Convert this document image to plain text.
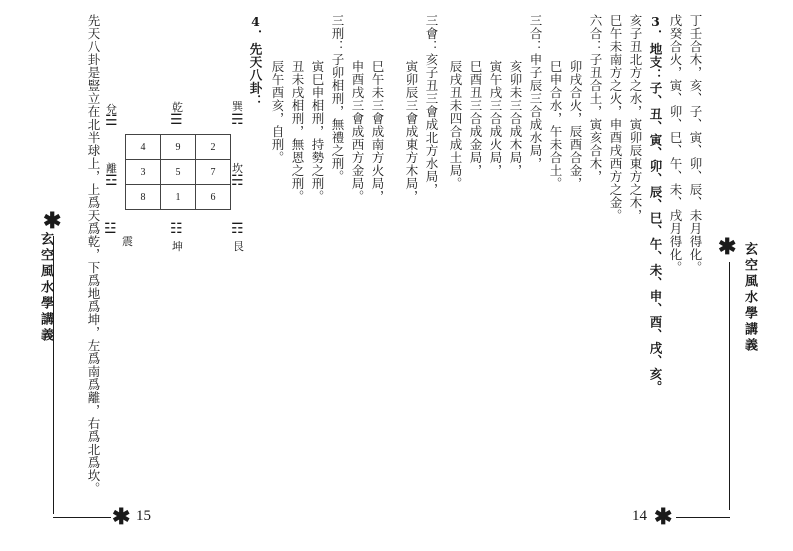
丁壬合木，亥、子、寅、卯、辰、未月得化。
戊癸合火，寅、卯、巳、午、未、戌月得化。
3．地支：子、丑、寅、卯、辰、巳、午、未、申、酉、戌、亥。
亥子丑北方之水，寅卯辰東方之木，
巳午未南方之火，申酉戌西方之金。
六合：子丑合土，寅亥合木，
卯戌合火，辰酉合金，
巳申合水，午未合土。
三合：申子辰三合成水局，
亥卯未三合成木局，
寅午戌三合成火局，
巳酉丑三合成金局，
辰戌丑未四合成土局。
✱ 玄空風水學講義
14 ✱
三會：亥子丑三會成北方水局，
寅卯辰三會成東方木局，
巳午未三會成南方火局，
申酉戌三會成西方金局。
三刑：子卯相刑，無禮之刑。
寅巳申相刑，持勢之刑。
丑未戌相刑，無恩之刑。
辰午酉亥，自刑。
4．先天八卦：
先天八卦是豎立在北半球上，上爲天爲乾，下爲地爲坤，左爲南爲離，右爲北爲坎。	4	9	2
3	5	7
8	1	6
兌
☱
乾
☰
巽
☴
離
☲
坎
☵
☳
震
☷
坤
☶
艮
✱
玄空風水學講義
✱ 15
